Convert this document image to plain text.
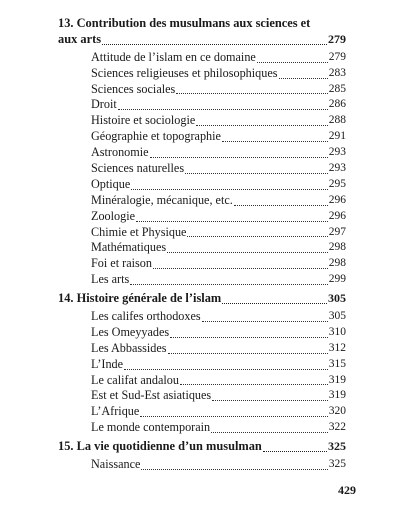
13. Contribution des musulmans aux sciences et
aux arts	279
Attitude de l’islam en ce domaine	279
Sciences religieuses et philosophiques	283
Sciences sociales	285
Droit	286
Histoire et sociologie	288
Géographie et topographie	291
Astronomie	293
Sciences naturelles	293
Optique	295
Minéralogie, mécanique, etc.	296
Zoologie	296
Chimie et Physique	297
Mathématiques	298
Foi et raison	298
Les arts	299
14. Histoire générale de l’islam	305
Les califes orthodoxes	305
Les Omeyyades	310
Les Abbassides	312
L’Inde	315
Le califat andalou	319
Est et Sud-Est asiatiques	319
L’Afrique	320
Le monde contemporain	322
15. La vie quotidienne d’un musulman	325
Naissance	325
429
